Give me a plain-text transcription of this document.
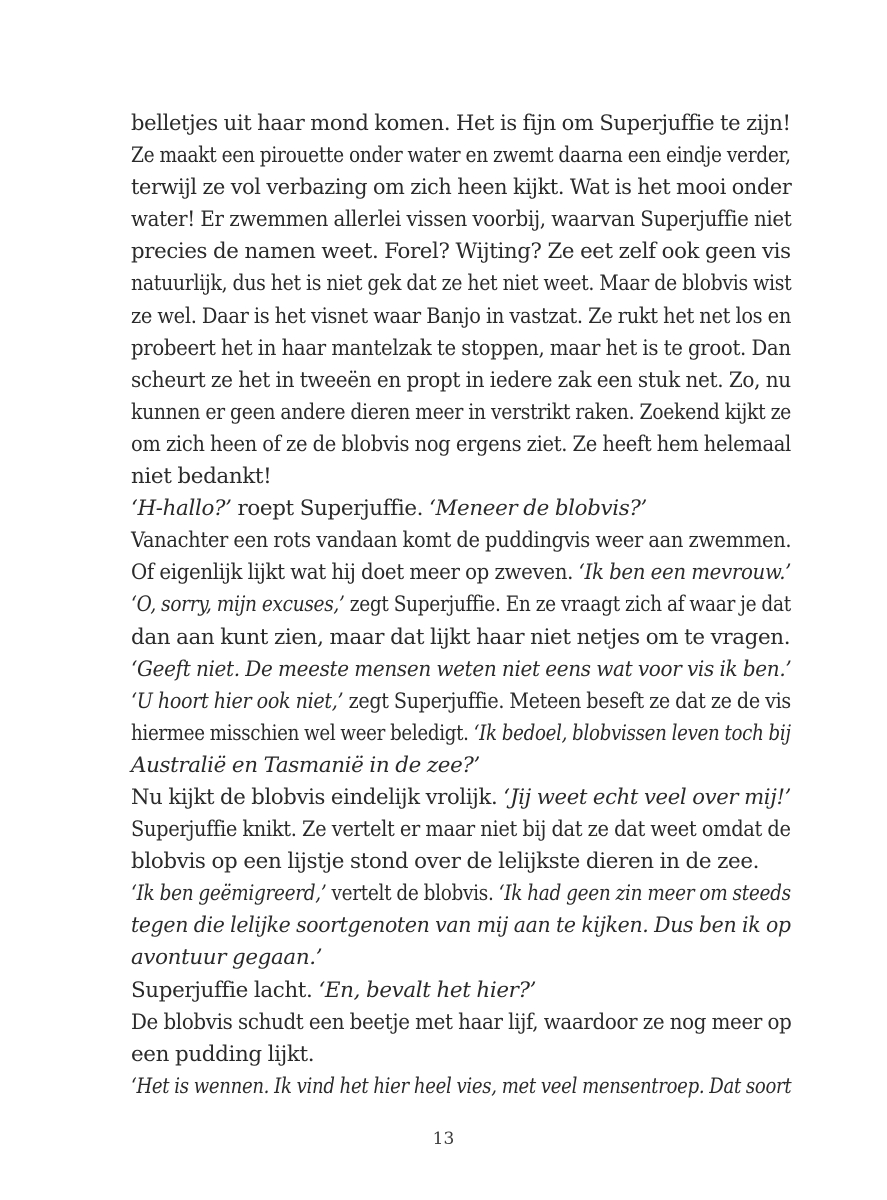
belletjes uit haar mond komen. Het is fijn om Superjuffie te zijn!
Ze maakt een pirouette onder water en zwemt daarna een eindje verder,
terwijl ze vol verbazing om zich heen kijkt. Wat is het mooi onder
water! Er zwemmen allerlei vissen voorbij, waarvan Superjuffie niet
precies de namen weet. Forel? Wijting? Ze eet zelf ook geen vis
natuurlijk, dus het is niet gek dat ze het niet weet. Maar de blobvis wist
ze wel. Daar is het visnet waar Banjo in vastzat. Ze rukt het net los en
probeert het in haar mantelzak te stoppen, maar het is te groot. Dan
scheurt ze het in tweeën en propt in iedere zak een stuk net. Zo, nu
kunnen er geen andere dieren meer in verstrikt raken. Zoekend kijkt ze
om zich heen of ze de blobvis nog ergens ziet. Ze heeft hem helemaal
niet bedankt!
‘H-hallo?’ roept Superjuffie. ‘Meneer de blobvis?’
Vanachter een rots vandaan komt de puddingvis weer aan zwemmen.
Of eigenlijk lijkt wat hij doet meer op zweven. ‘Ik ben een mevrouw.’
‘O, sorry, mijn excuses,’ zegt Superjuffie. En ze vraagt zich af waar je dat
dan aan kunt zien, maar dat lijkt haar niet netjes om te vragen.
‘Geeft niet. De meeste mensen weten niet eens wat voor vis ik ben.’
‘U hoort hier ook niet,’ zegt Superjuffie. Meteen beseft ze dat ze de vis
hiermee misschien wel weer beledigt. ‘Ik bedoel, blobvissen leven toch bij
Australië en Tasmanië in de zee?’
Nu kijkt de blobvis eindelijk vrolijk. ‘Jij weet echt veel over mij!’
Superjuffie knikt. Ze vertelt er maar niet bij dat ze dat weet omdat de
blobvis op een lijstje stond over de lelijkste dieren in de zee.
‘Ik ben geëmigreerd,’ vertelt de blobvis. ‘Ik had geen zin meer om steeds
tegen die lelijke soortgenoten van mij aan te kijken. Dus ben ik op
avontuur gegaan.’
Superjuffie lacht. ‘En, bevalt het hier?’
De blobvis schudt een beetje met haar lijf, waardoor ze nog meer op
een pudding lijkt.
‘Het is wennen. Ik vind het hier heel vies, met veel mensentroep. Dat soort
13
